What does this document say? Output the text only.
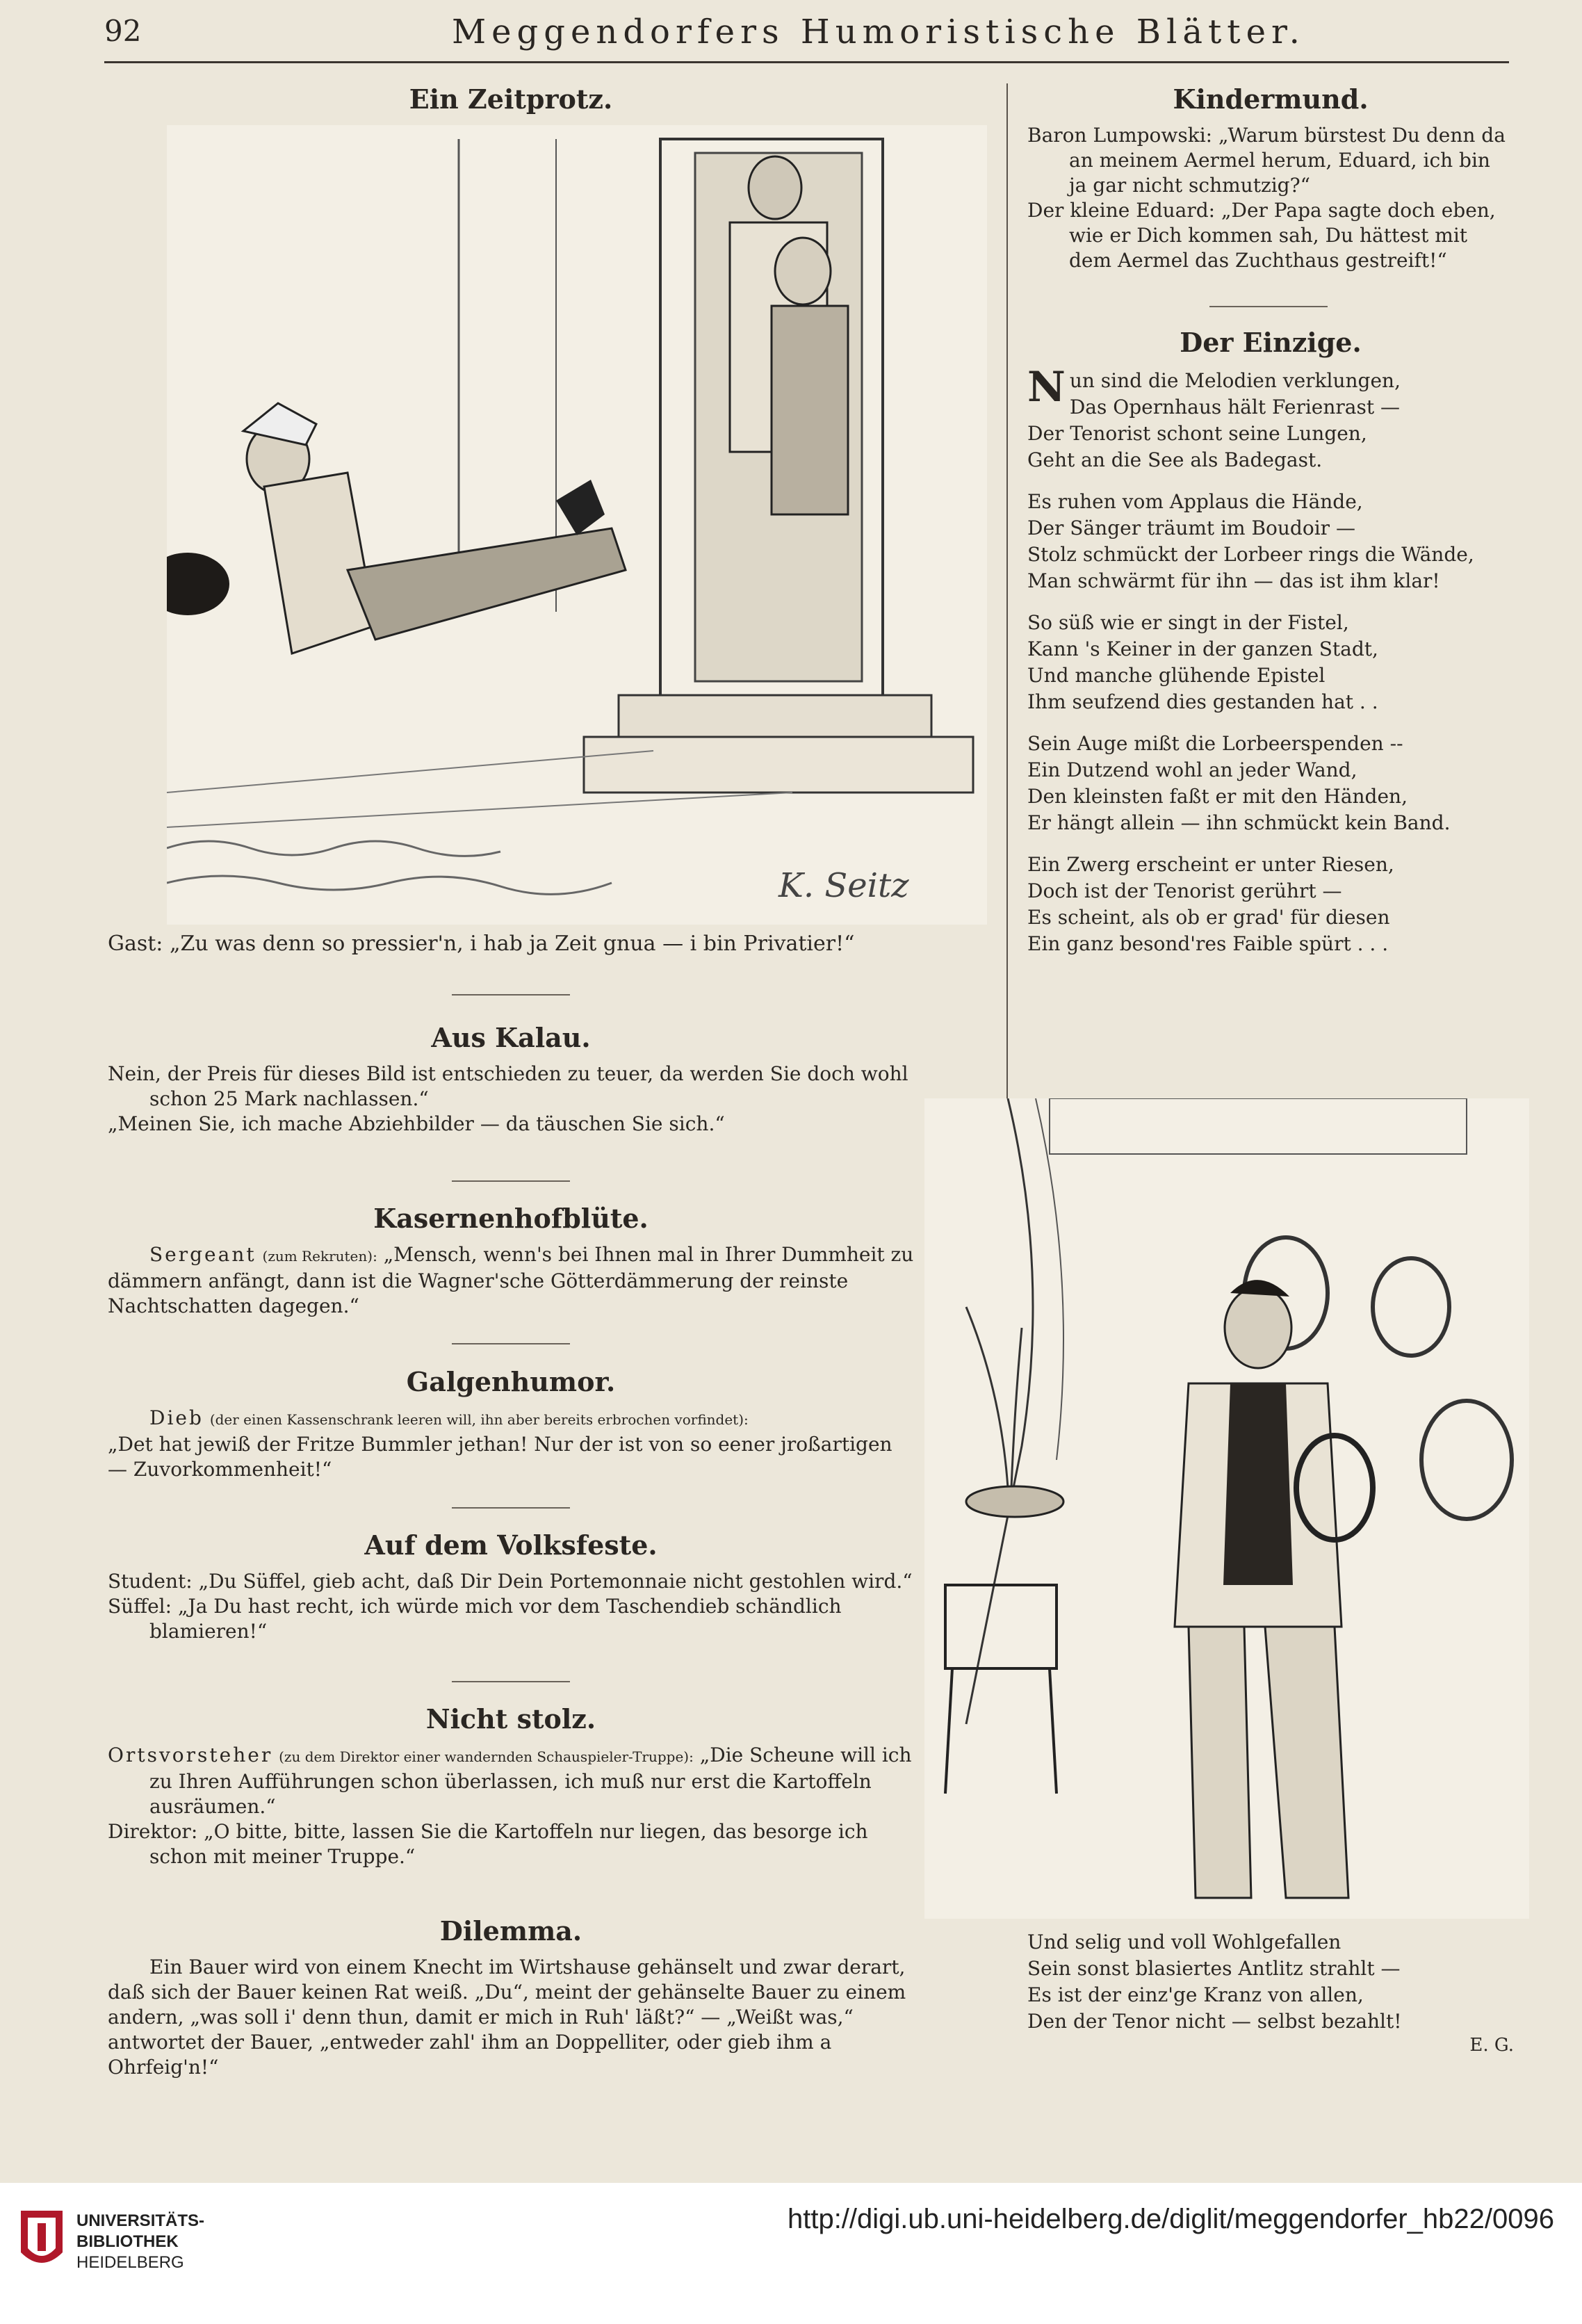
92	Meggendorfers Humoristische Blätter.
Ein Zeitprotz.
K. Seitz

Gast: „Zu was denn so pressier'n, i hab ja Zeit gnua — i bin Privatier!“

Aus Kalau.

Nein, der Preis für dieses Bild ist entschieden zu teuer, da werden Sie doch wohl schon 25 Mark nachlassen.“

„Meinen Sie, ich mache Abziehbilder — da täuschen Sie sich.“

Kasernenhofblüte.

Sergeant (zum Rekruten): „Mensch, wenn's bei Ihnen mal in Ihrer Dummheit zu dämmern anfängt, dann ist die Wagner'sche Götterdämmerung der reinste Nachtschatten dagegen.“

Galgenhumor.

Dieb (der einen Kassenschrank leeren will, ihn aber bereits erbrochen vorfindet):

„Det hat jewiß der Fritze Bummler jethan! Nur der ist von so eener jroßartigen — Zuvorkommenheit!“

Auf dem Volksfeste.

Student: „Du Süffel, gieb acht, daß Dir Dein Portemonnaie nicht gestohlen wird.“

Süffel: „Ja Du hast recht, ich würde mich vor dem Taschendieb schändlich blamieren!“

Nicht stolz.

Ortsvorsteher (zu dem Direktor einer wandernden Schauspieler-Truppe): „Die Scheune will ich zu Ihren Aufführungen schon überlassen, ich muß nur erst die Kartoffeln ausräumen.“

Direktor: „O bitte, bitte, lassen Sie die Kartoffeln nur liegen, das besorge ich schon mit meiner Truppe.“

Dilemma.

Ein Bauer wird von einem Knecht im Wirtshause gehänselt und zwar derart, daß sich der Bauer keinen Rat weiß. „Du“, meint der gehänselte Bauer zu einem andern, „was soll i' denn thun, damit er mich in Ruh' läßt?“ — „Weißt was,“ antwortet der Bauer, „entweder zahl' ihm an Doppelliter, oder gieb ihm a Ohrfeig'n!“

Kindermund.

Baron Lumpowski: „Warum bürstest Du denn da an meinem Aermel herum, Eduard, ich bin ja gar nicht schmutzig?“

Der kleine Eduard: „Der Papa sagte doch eben, wie er Dich kommen sah, Du hättest mit dem Aermel das Zuchthaus gestreift!“

Der Einzige.
N un sind die Melodien verklungen,

Das Opernhaus hält Ferienrast —

Der Tenorist schont seine Lungen,

Geht an die See als Badegast.

Es ruhen vom Applaus die Hände,

Der Sänger träumt im Boudoir —

Stolz schmückt der Lorbeer rings die Wände,

Man schwärmt für ihn — das ist ihm klar!

So süß wie er singt in der Fistel,

Kann 's Keiner in der ganzen Stadt,

Und manche glühende Epistel

Ihm seufzend dies gestanden hat . .

Sein Auge mißt die Lorbeerspenden --

Ein Dutzend wohl an jeder Wand,

Den kleinsten faßt er mit den Händen,

Er hängt allein — ihn schmückt kein Band.

Ein Zwerg erscheint er unter Riesen,

Doch ist der Tenorist gerührt —

Es scheint, als ob er grad' für diesen

Ein ganz besond'res Faible spürt . . .

Und selig und voll Wohlgefallen

Sein sonst blasiertes Antlitz strahlt —

Es ist der einz'ge Kranz von allen,

Den der Tenor nicht — selbst bezahlt!

E. G.

UNIVERSITÄTS-
BIBLIOTHEK
HEIDELBERG
http://digi.ub.uni-heidelberg.de/diglit/meggendorfer_hb22/0096
